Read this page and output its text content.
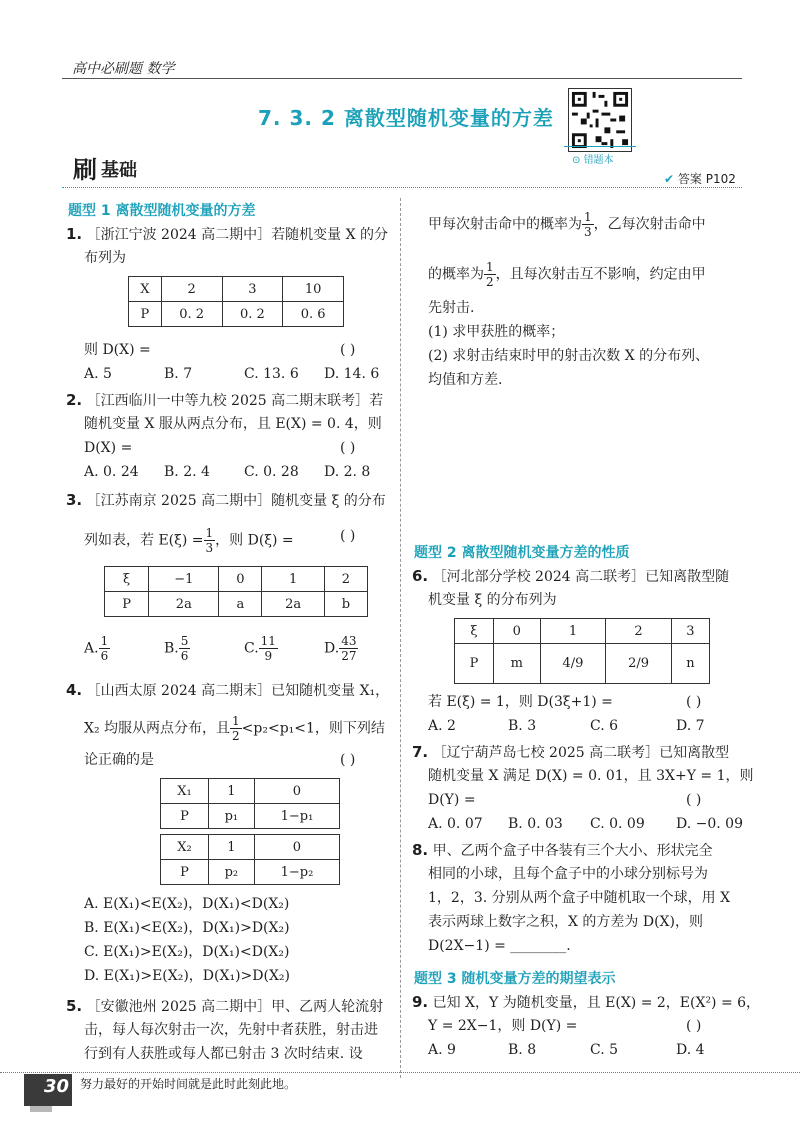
高中必刷题 数学
7. 3. 2 离散型随机变量的方差
⊙ 错题本
刷 基础	✔ 答案 P102
题型 1 离散型随机变量的方差
1. ［浙江宁波 2024 高二期中］若随机变量 X 的分
布列为
X	2	3	10
P	0. 2	0. 2	0. 6
则 D(X) =	( )
A. 5	B. 7	C. 13. 6 D. 14. 6
2. ［江西临川一中等九校 2025 高二期末联考］若
随机变量 X 服从两点分布，且 E(X) = 0. 4，则
D(X) =	( )
A. 0. 24 B. 2. 4 C. 0. 28 D. 2. 8
3. ［江苏南京 2025 高二期中］随机变量 ξ 的分布
列如表，若 $E(\xi) = \frac{1}{3}$ ，则 D(ξ) =	( )
ξ	−1	0	1	2
P	2a	a	2a	b
A. $\frac{1}{6}$	B. $\frac{5}{6}$	C. $\frac{11}{9}$	D. $\frac{43}{27}$
4. ［山西太原 2024 高二期末］已知随机变量 X₁，
X₂ 均服从两点分布，且 $\frac{1}{2} <p_2<p_1<1$，则下列结
论正确的是	( )
X₁	1	0
P	p₁	1−p₁
X₂	1	0
P	p₂	1−p₂
A. E(X₁)<E(X₂)，D(X₁)<D(X₂)
B. E(X₁)<E(X₂)，D(X₁)>D(X₂)
C. E(X₁)>E(X₂)，D(X₁)<D(X₂)
D. E(X₁)>E(X₂)，D(X₁)>D(X₂)
5. ［安徽池州 2025 高二期中］甲、乙两人轮流射
击，每人每次射击一次，先射中者获胜，射击进
行到有人获胜或每人都已射击 3 次时结束. 设
甲每次射击命中的概率为 $\frac{1}{3}$ ，乙每次射击命中
的概率为 $\frac{1}{2}$ ，且每次射击互不影响，约定由甲
先射击.
(1) 求甲获胜的概率；
(2) 求射击结束时甲的射击次数 X 的分布列、
均值和方差.
题型 2 离散型随机变量方差的性质
6. ［河北部分学校 2024 高二联考］已知离散型随
机变量 ξ 的分布列为
ξ	0	1	2	3
P	m	4/9	2/9	n
若 E(ξ) = 1，则 D(3ξ+1) =	( )
A. 2	B. 3	C. 6	D. 7
7. ［辽宁葫芦岛七校 2025 高二联考］已知离散型
随机变量 X 满足 D(X) = 0. 01，且 3X+Y = 1，则
D(Y) =	( )
A. 0. 07 B. 0. 03 C. 0. 09 D. −0. 09
8. 甲、乙两个盒子中各装有三个大小、形状完全
相同的小球，且每个盒子中的小球分别标号为
1，2，3. 分别从两个盒子中随机取一个球，用 X
表示两球上数字之积，X 的方差为 D(X)，则
D(2X−1) = ________.
题型 3 随机变量方差的期望表示
9. 已知 X，Y 为随机变量，且 E(X) = 2，E(X²) = 6，
Y = 2X−1，则 D(Y) =	( )
A. 9	B. 8	C. 5	D. 4
30 努力最好的开始时间就是此时此刻此地。
